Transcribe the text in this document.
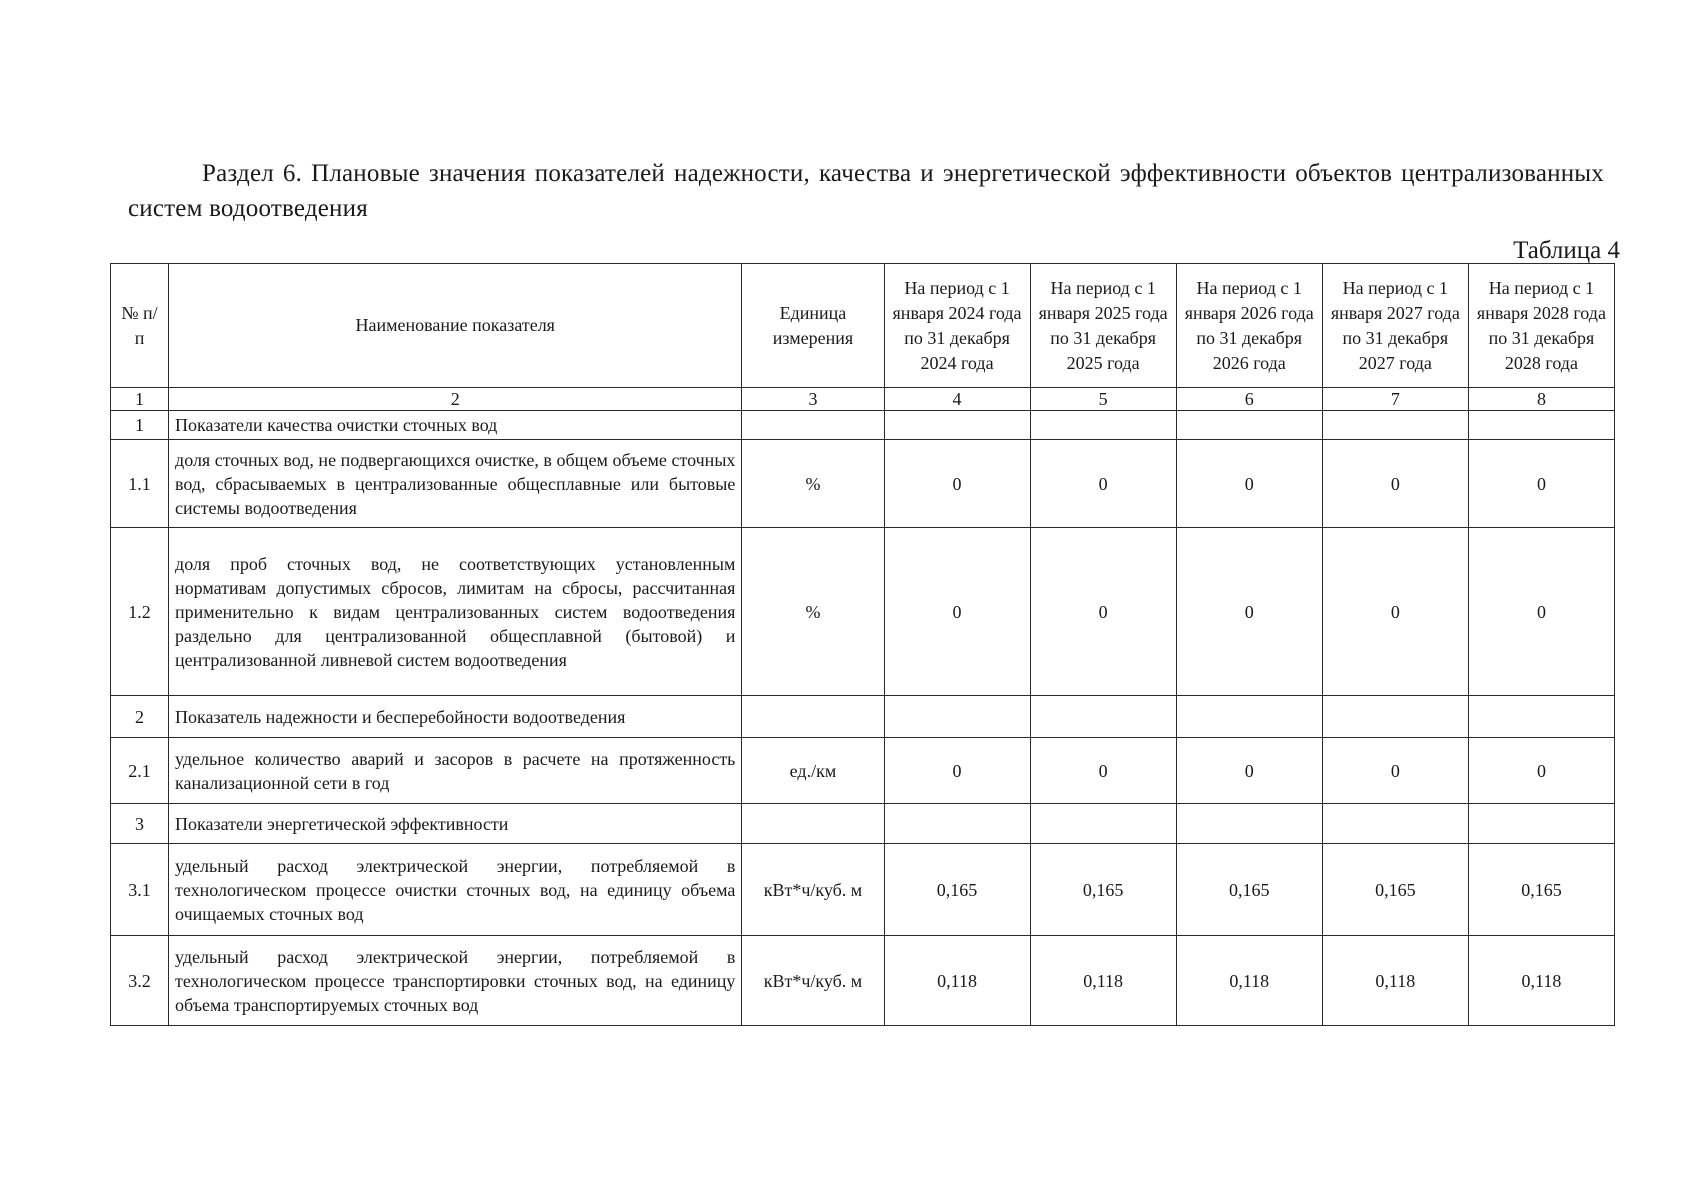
Раздел 6. Плановые значения показателей надежности, качества и энергетической эффективности объектов централизованных систем водоотведения
Таблица 4
№ п/п	Наименование показателя	Единица измерения	На период с 1 января 2024 года по 31 декабря 2024 года	На период с 1 января 2025 года по 31 декабря 2025 года	На период с 1 января 2026 года по 31 декабря 2026 года	На период с 1 января 2027 года по 31 декабря 2027 года	На период с 1 января 2028 года по 31 декабря 2028 года
1	2	3	4	5	6	7	8
1	Показатели качества очистки сточных вод						
1.1	доля сточных вод, не подвергающихся очистке, в общем объеме сточных вод, сбрасываемых в централизованные общесплавные или бытовые системы водоотведения	%	0	0	0	0	0
1.2	доля проб сточных вод, не соответствующих установленным нормативам допустимых сбросов, лимитам на сбросы, рассчитанная применительно к видам централизованных систем водоотведения раздельно для централизованной общесплавной (бытовой) и централизованной ливневой систем водоотведения	%	0	0	0	0	0
2	Показатель надежности и бесперебойности водоотведения						
2.1	удельное количество аварий и засоров в расчете на протяженность канализационной сети в год	ед./км	0	0	0	0	0
3	Показатели энергетической эффективности						
3.1	удельный расход электрической энергии, потребляемой в технологическом процессе очистки сточных вод, на единицу объема очищаемых сточных вод	кВт*ч/куб. м	0,165	0,165	0,165	0,165	0,165
3.2	удельный расход электрической энергии, потребляемой в технологическом процессе транспортировки сточных вод, на единицу объема транспортируемых сточных вод	кВт*ч/куб. м	0,118	0,118	0,118	0,118	0,118
